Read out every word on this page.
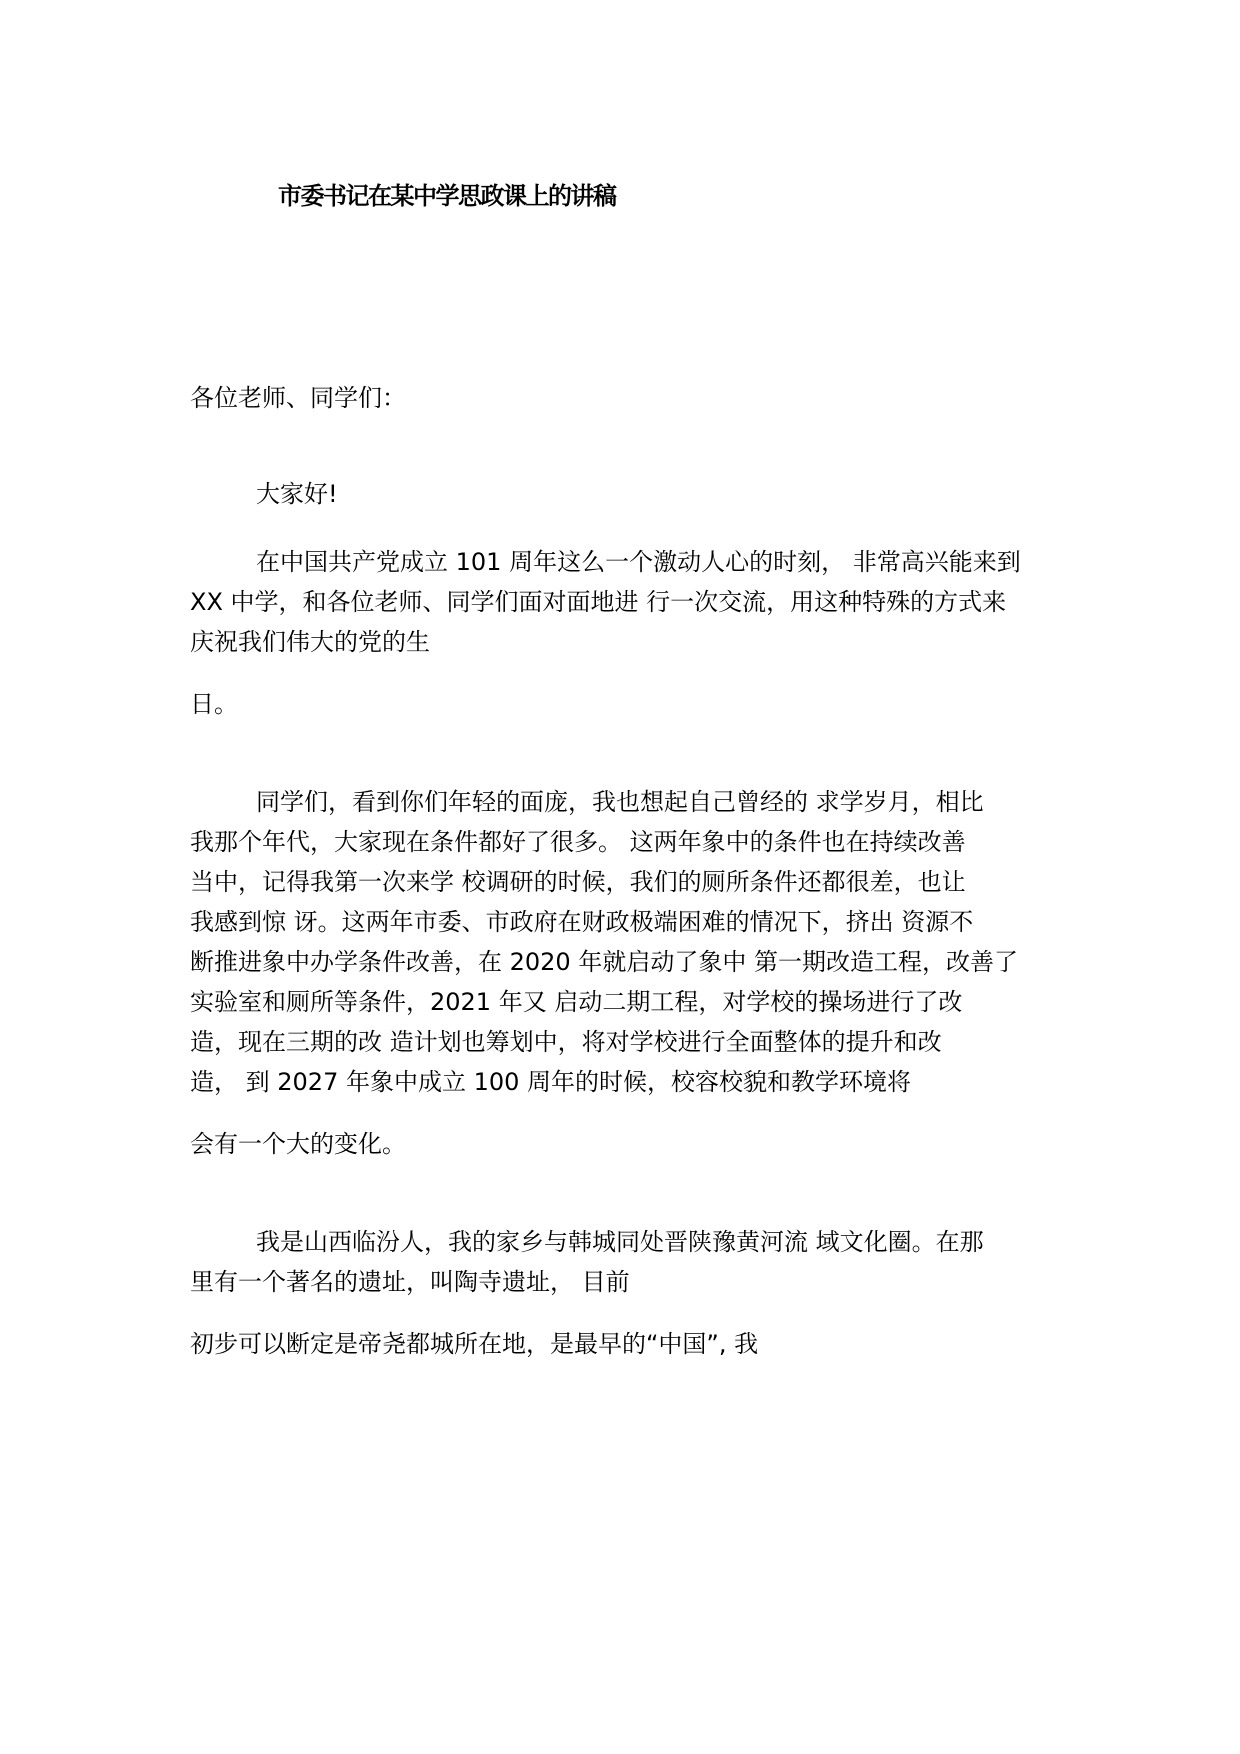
市委书记在某中学思政课上的讲稿
各位老师、同学们：
大家好!
在中国共产党成立 101 周年这么一个激动人心的时刻， 非常高兴能来到
XX 中学，和各位老师、同学们面对面地进 行一次交流，用这种特殊的方式来
庆祝我们伟大的党的生
日。
同学们，看到你们年轻的面庞，我也想起自己曾经的 求学岁月，相比
我那个年代，大家现在条件都好了很多。 这两年象中的条件也在持续改善
当中，记得我第一次来学 校调研的时候，我们的厕所条件还都很差，也让
我感到惊 讶。这两年市委、市政府在财政极端困难的情况下，挤出 资源不
断推进象中办学条件改善，在 2020 年就启动了象中 第一期改造工程，改善了
实验室和厕所等条件，2021 年又 启动二期工程，对学校的操场进行了改
造，现在三期的改 造计划也筹划中，将对学校进行全面整体的提升和改
造， 到 2027 年象中成立 100 周年的时候，校容校貌和教学环境将
会有一个大的变化。
我是山西临汾人，我的家乡与韩城同处晋陕豫黄河流 域文化圈。在那
里有一个著名的遗址，叫陶寺遗址， 目前
初步可以断定是帝尧都城所在地，是最早的“中国”, 我
